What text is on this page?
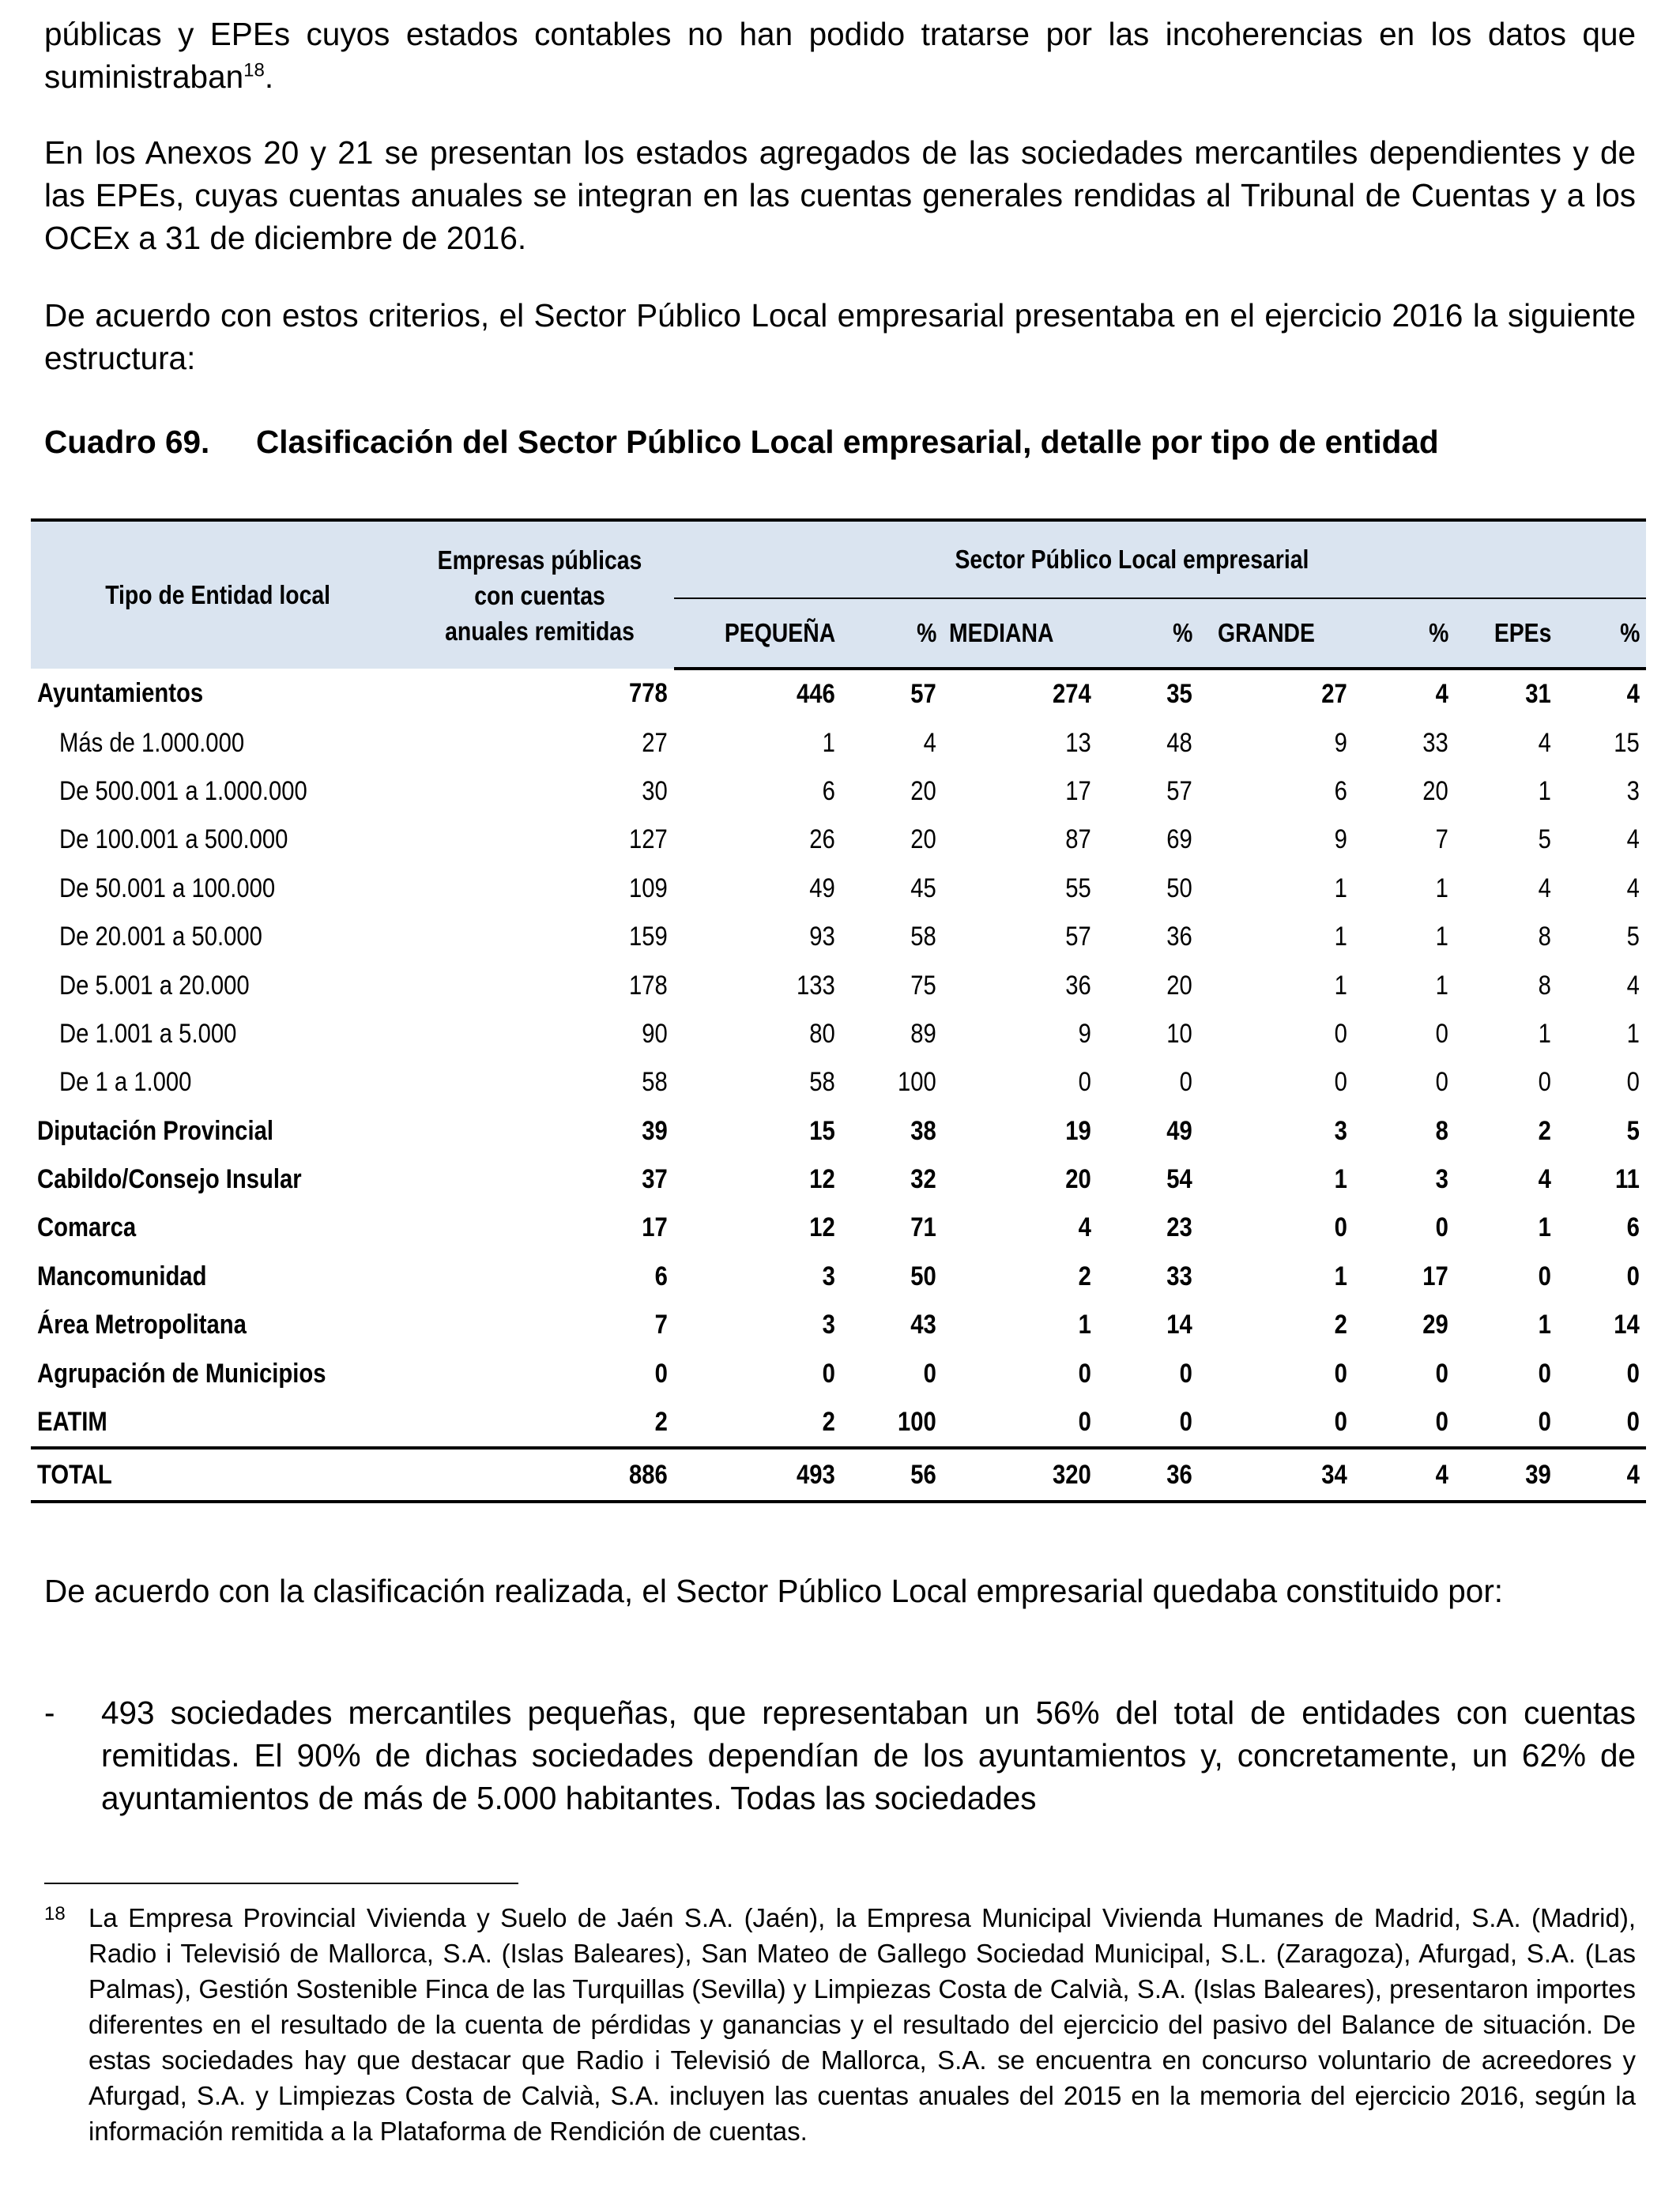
públicas y EPEs cuyos estados contables no han podido tratarse por las incoherencias en los datos que suministraban$^{18}$.

En los Anexos 20 y 21 se presentan los estados agregados de las sociedades mercantiles dependientes y de las EPEs, cuyas cuentas anuales se integran en las cuentas generales rendidas al Tribunal de Cuentas y a los OCEx a 31 de diciembre de 2016.

De acuerdo con estos criterios, el Sector Público Local empresarial presentaba en el ejercicio 2016 la siguiente estructura:

Cuadro 69. Clasificación del Sector Público Local empresarial, detalle por tipo de entidad
Tipo de Entidad local	Empresas públicas con cuentas anuales remitidas	Sector Público Local empresarial							
		PEQUEÑA	%	MEDIANA	%	GRANDE	%	EPEs	%
Ayuntamientos	778	446	57	274	35	27	4	31	4
Más de 1.000.000	27	1	4	13	48	9	33	4	15
De 500.001 a 1.000.000	30	6	20	17	57	6	20	1	3
De 100.001 a 500.000	127	26	20	87	69	9	7	5	4
De 50.001 a 100.000	109	49	45	55	50	1	1	4	4
De 20.001 a 50.000	159	93	58	57	36	1	1	8	5
De 5.001 a 20.000	178	133	75	36	20	1	1	8	4
De 1.001 a 5.000	90	80	89	9	10	0	0	1	1
De 1 a 1.000	58	58	100	0	0	0	0	0	0
Diputación Provincial	39	15	38	19	49	3	8	2	5
Cabildo/Consejo Insular	37	12	32	20	54	1	3	4	11
Comarca	17	12	71	4	23	0	0	1	6
Mancomunidad	6	3	50	2	33	1	17	0	0
Área Metropolitana	7	3	43	1	14	2	29	1	14
Agrupación de Municipios	0	0	0	0	0	0	0	0	0
EATIM	2	2	100	0	0	0	0	0	0
TOTAL	886	493	56	320	36	34	4	39	4

De acuerdo con la clasificación realizada, el Sector Público Local empresarial quedaba constituido por:

- 493 sociedades mercantiles pequeñas, que representaban un 56% del total de entidades con cuentas remitidas. El 90% de dichas sociedades dependían de los ayuntamientos y, concretamente, un 62% de ayuntamientos de más de 5.000 habitantes. Todas las sociedades

18 La Empresa Provincial Vivienda y Suelo de Jaén S.A. (Jaén), la Empresa Municipal Vivienda Humanes de Madrid, S.A. (Madrid), Radio i Televisió de Mallorca, S.A. (Islas Baleares), San Mateo de Gallego Sociedad Municipal, S.L. (Zaragoza), Afurgad, S.A. (Las Palmas), Gestión Sostenible Finca de las Turquillas (Sevilla) y Limpiezas Costa de Calvià, S.A. (Islas Baleares), presentaron importes diferentes en el resultado de la cuenta de pérdidas y ganancias y el resultado del ejercicio del pasivo del Balance de situación. De estas sociedades hay que destacar que Radio i Televisió de Mallorca, S.A. se encuentra en concurso voluntario de acreedores y Afurgad, S.A. y Limpiezas Costa de Calvià, S.A. incluyen las cuentas anuales del 2015 en la memoria del ejercicio 2016, según la información remitida a la Plataforma de Rendición de cuentas.
